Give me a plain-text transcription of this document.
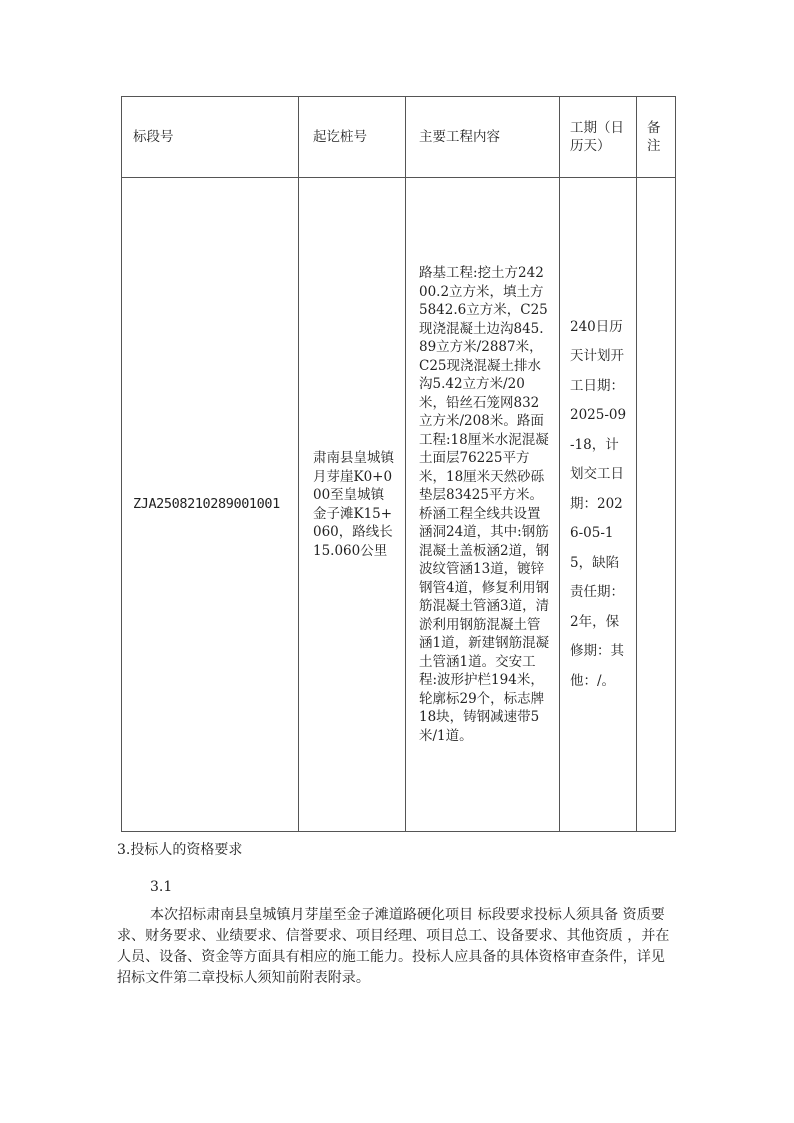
标段号	起讫桩号	主要工程内容	工期（日历天）	备注
ZJA2508210289001001	肃南县皇城镇月芽崖K0+000至皇城镇金子滩K15+060，路线长15.060公里	路基工程:挖土方24200.2立方米，填土方5842.6立方米，C25现浇混凝土边沟845.89立方米/2887米，C25现浇混凝土排水沟5.42立方米/20米，铅丝石笼网832立方米/208米。路面工程:18厘米水泥混凝土面层76225平方米，18厘米天然砂砾垫层83425平方米。桥涵工程全线共设置涵洞24道，其中:钢筋混凝土盖板涵2道，钢波纹管涵13道，镀锌钢管4道，修复利用钢筋混凝土管涵3道，清淤利用钢筋混凝土管涵1道，新建钢筋混凝土管涵1道。交安工程:波形护栏194米，轮廓标29个，标志牌18块，铸钢减速带5米/1道。	240日历天计划开工日期：2025-09-18，计划交工日期：2026-05-15，缺陷责任期：2年，保修期：其他：/。	

3.投标人的资格要求

3.1

本次招标肃南县皇城镇月芽崖至金子滩道路硬化项目 标段要求投标人须具备 资质要求、财务要求、业绩要求、信誉要求、项目经理、项目总工、设备要求、其他资质 ，并在人员、设备、资金等方面具有相应的施工能力。投标人应具备的具体资格审查条件，详见招标文件第二章投标人须知前附表附录。
